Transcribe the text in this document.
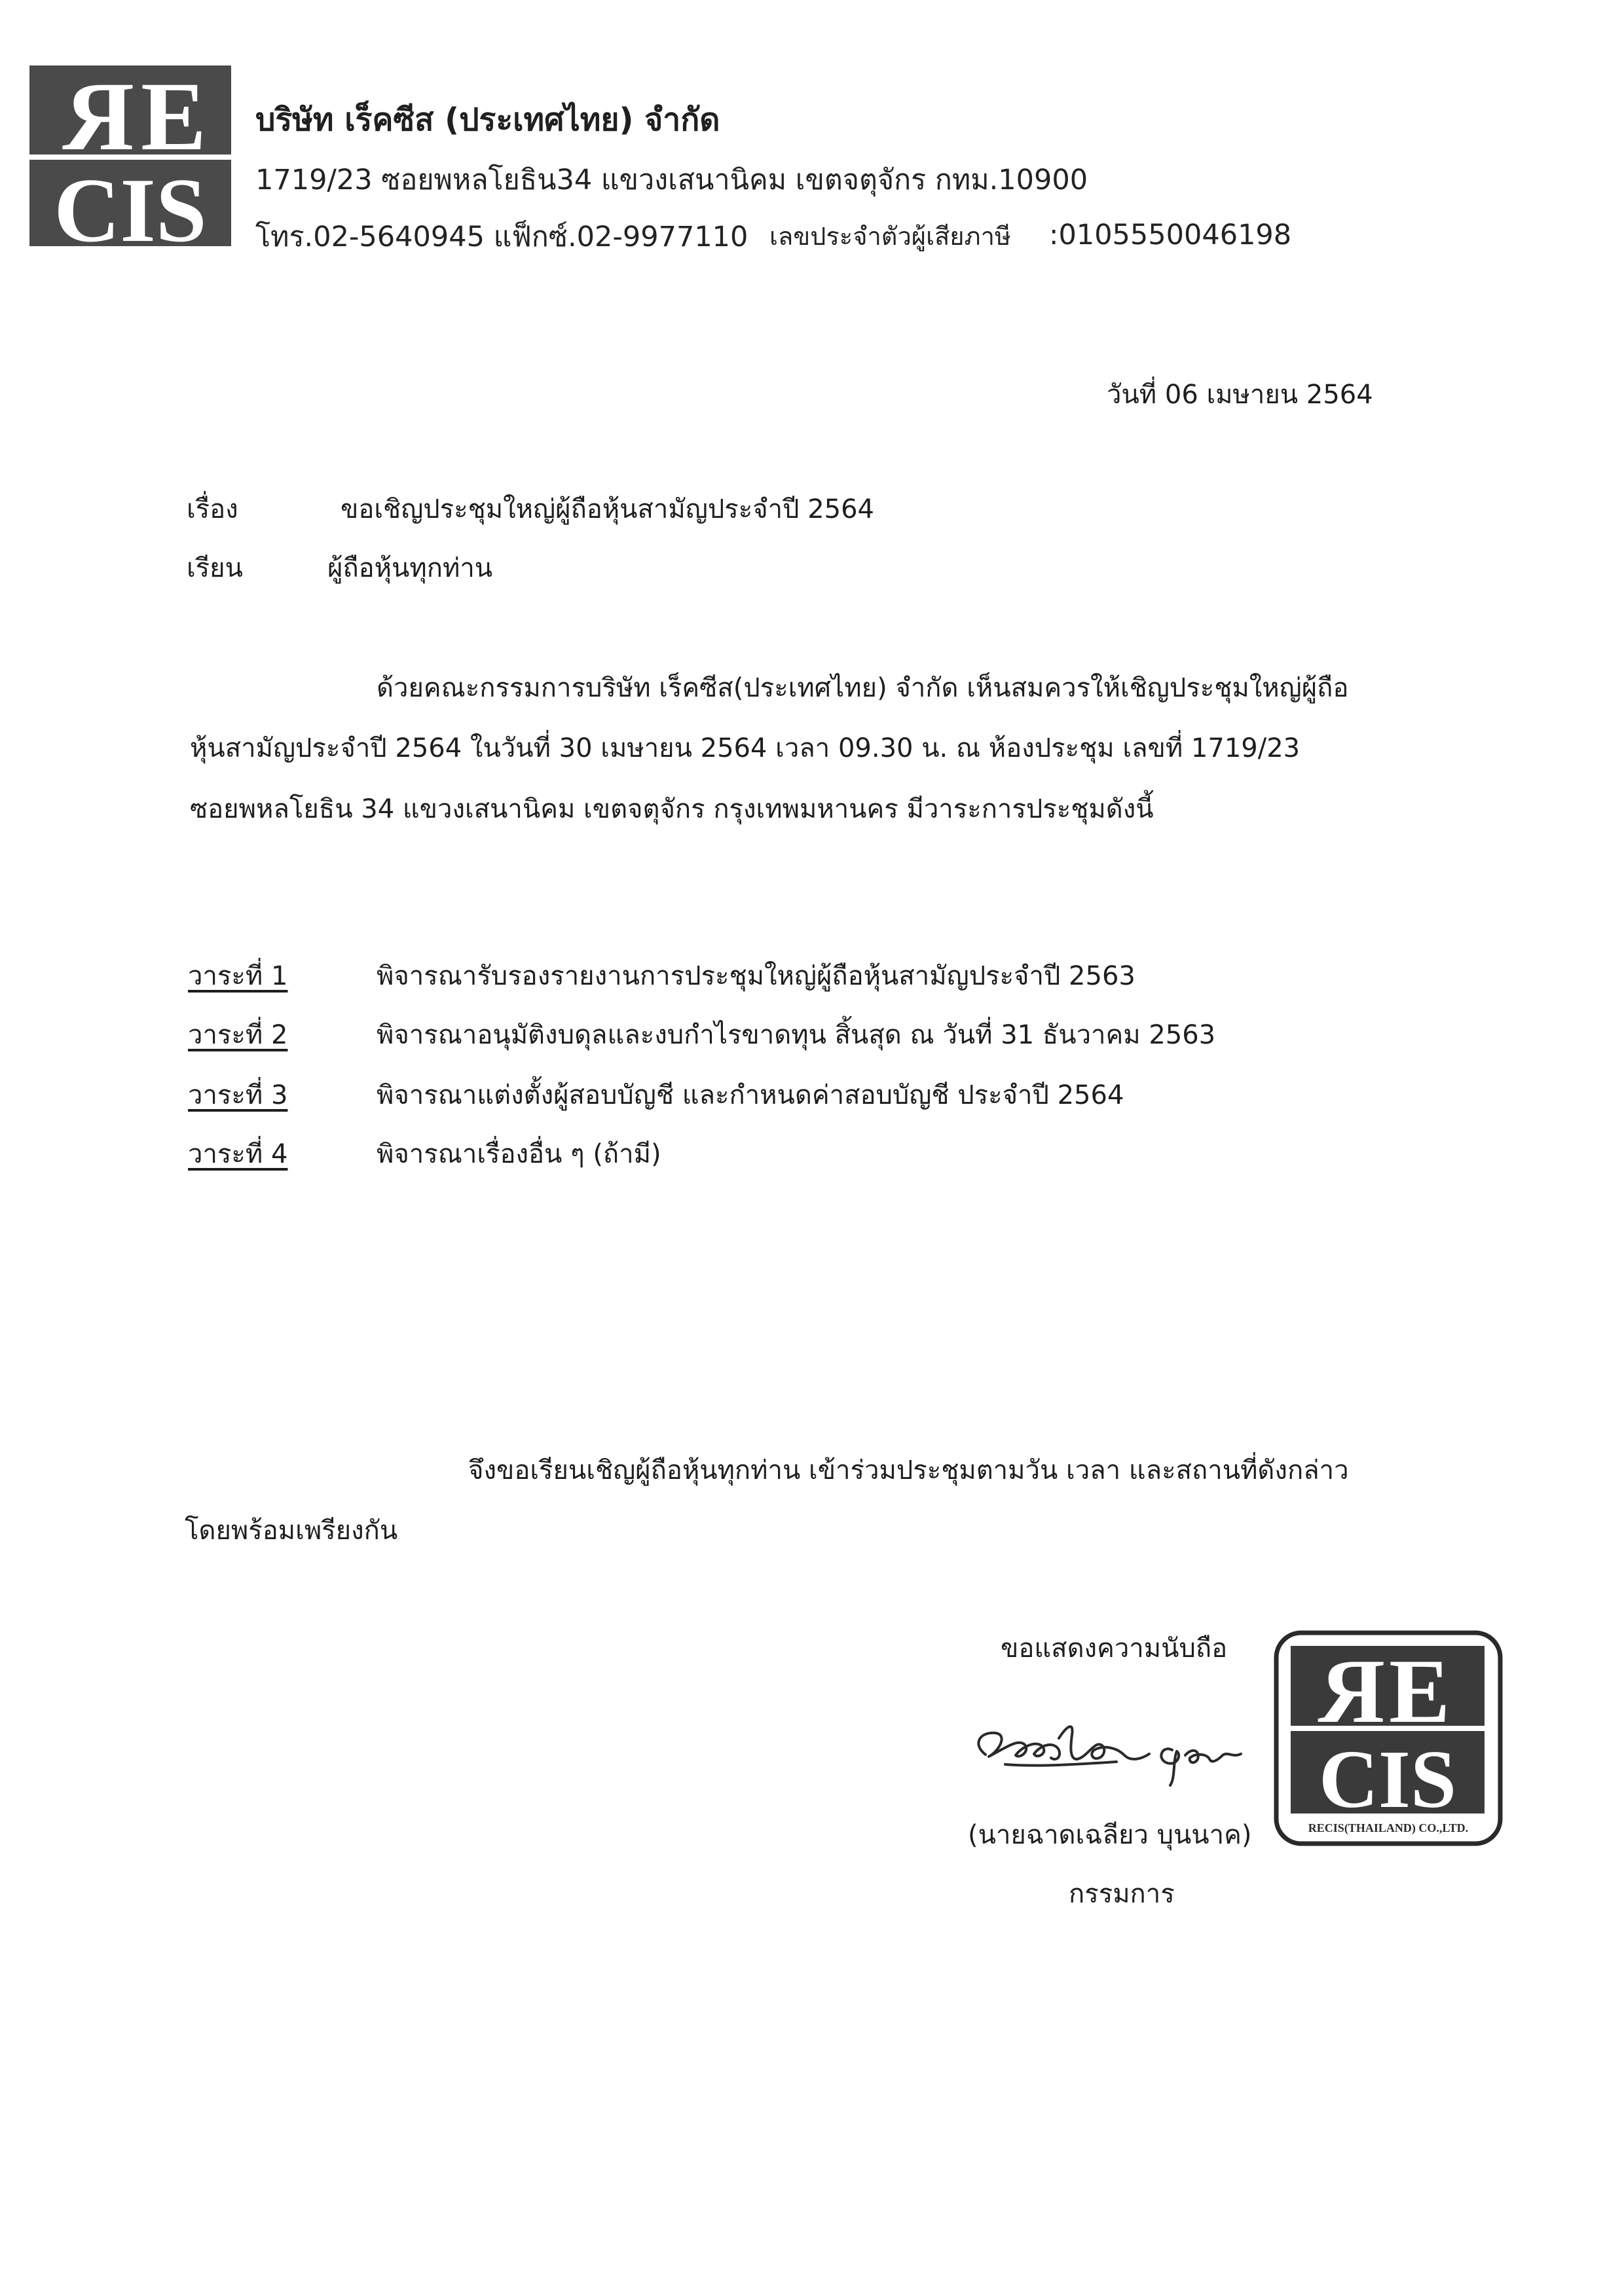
R E
CIS
บริษัท เร็คซีส (ประเทศไทย) จำกัด
1719/23 ซอยพหลโยธิน34 แขวงเสนานิคม เขตจตุจักร กทม.10900
โทร.02-5640945 แฟ็กซ์.02-9977110 เลขประจำตัวผู้เสียภาษี :0105550046198
วันที่ 06 เมษายน 2564
เรื่อง	ขอเชิญประชุมใหญ่ผู้ถือหุ้นสามัญประจำปี 2564
เรียน	ผู้ถือหุ้นทุกท่าน
ด้วยคณะกรรมการบริษัท เร็คซีส(ประเทศไทย) จำกัด เห็นสมควรให้เชิญประชุมใหญ่ผู้ถือ
หุ้นสามัญประจำปี 2564 ในวันที่ 30 เมษายน 2564 เวลา 09.30 น. ณ ห้องประชุม เลขที่ 1719/23
ซอยพหลโยธิน 34 แขวงเสนานิคม เขตจตุจักร กรุงเทพมหานคร มีวาระการประชุมดังนี้
วาระที่ 1	พิจารณารับรองรายงานการประชุมใหญ่ผู้ถือหุ้นสามัญประจำปี 2563
วาระที่ 2	พิจารณาอนุมัติงบดุลและงบกำไรขาดทุน สิ้นสุด ณ วันที่ 31 ธันวาคม 2563
วาระที่ 3	พิจารณาแต่งตั้งผู้สอบบัญชี และกำหนดค่าสอบบัญชี ประจำปี 2564
วาระที่ 4	พิจารณาเรื่องอื่น ๆ (ถ้ามี)
จึงขอเรียนเชิญผู้ถือหุ้นทุกท่าน เข้าร่วมประชุมตามวัน เวลา และสถานที่ดังกล่าว
โดยพร้อมเพรียงกัน
ขอแสดงความนับถือ
(นายฉาดเฉลียว บุนนาค)
กรรมการ
R E
CIS
RECIS(THAILAND) CO.,LTD.
